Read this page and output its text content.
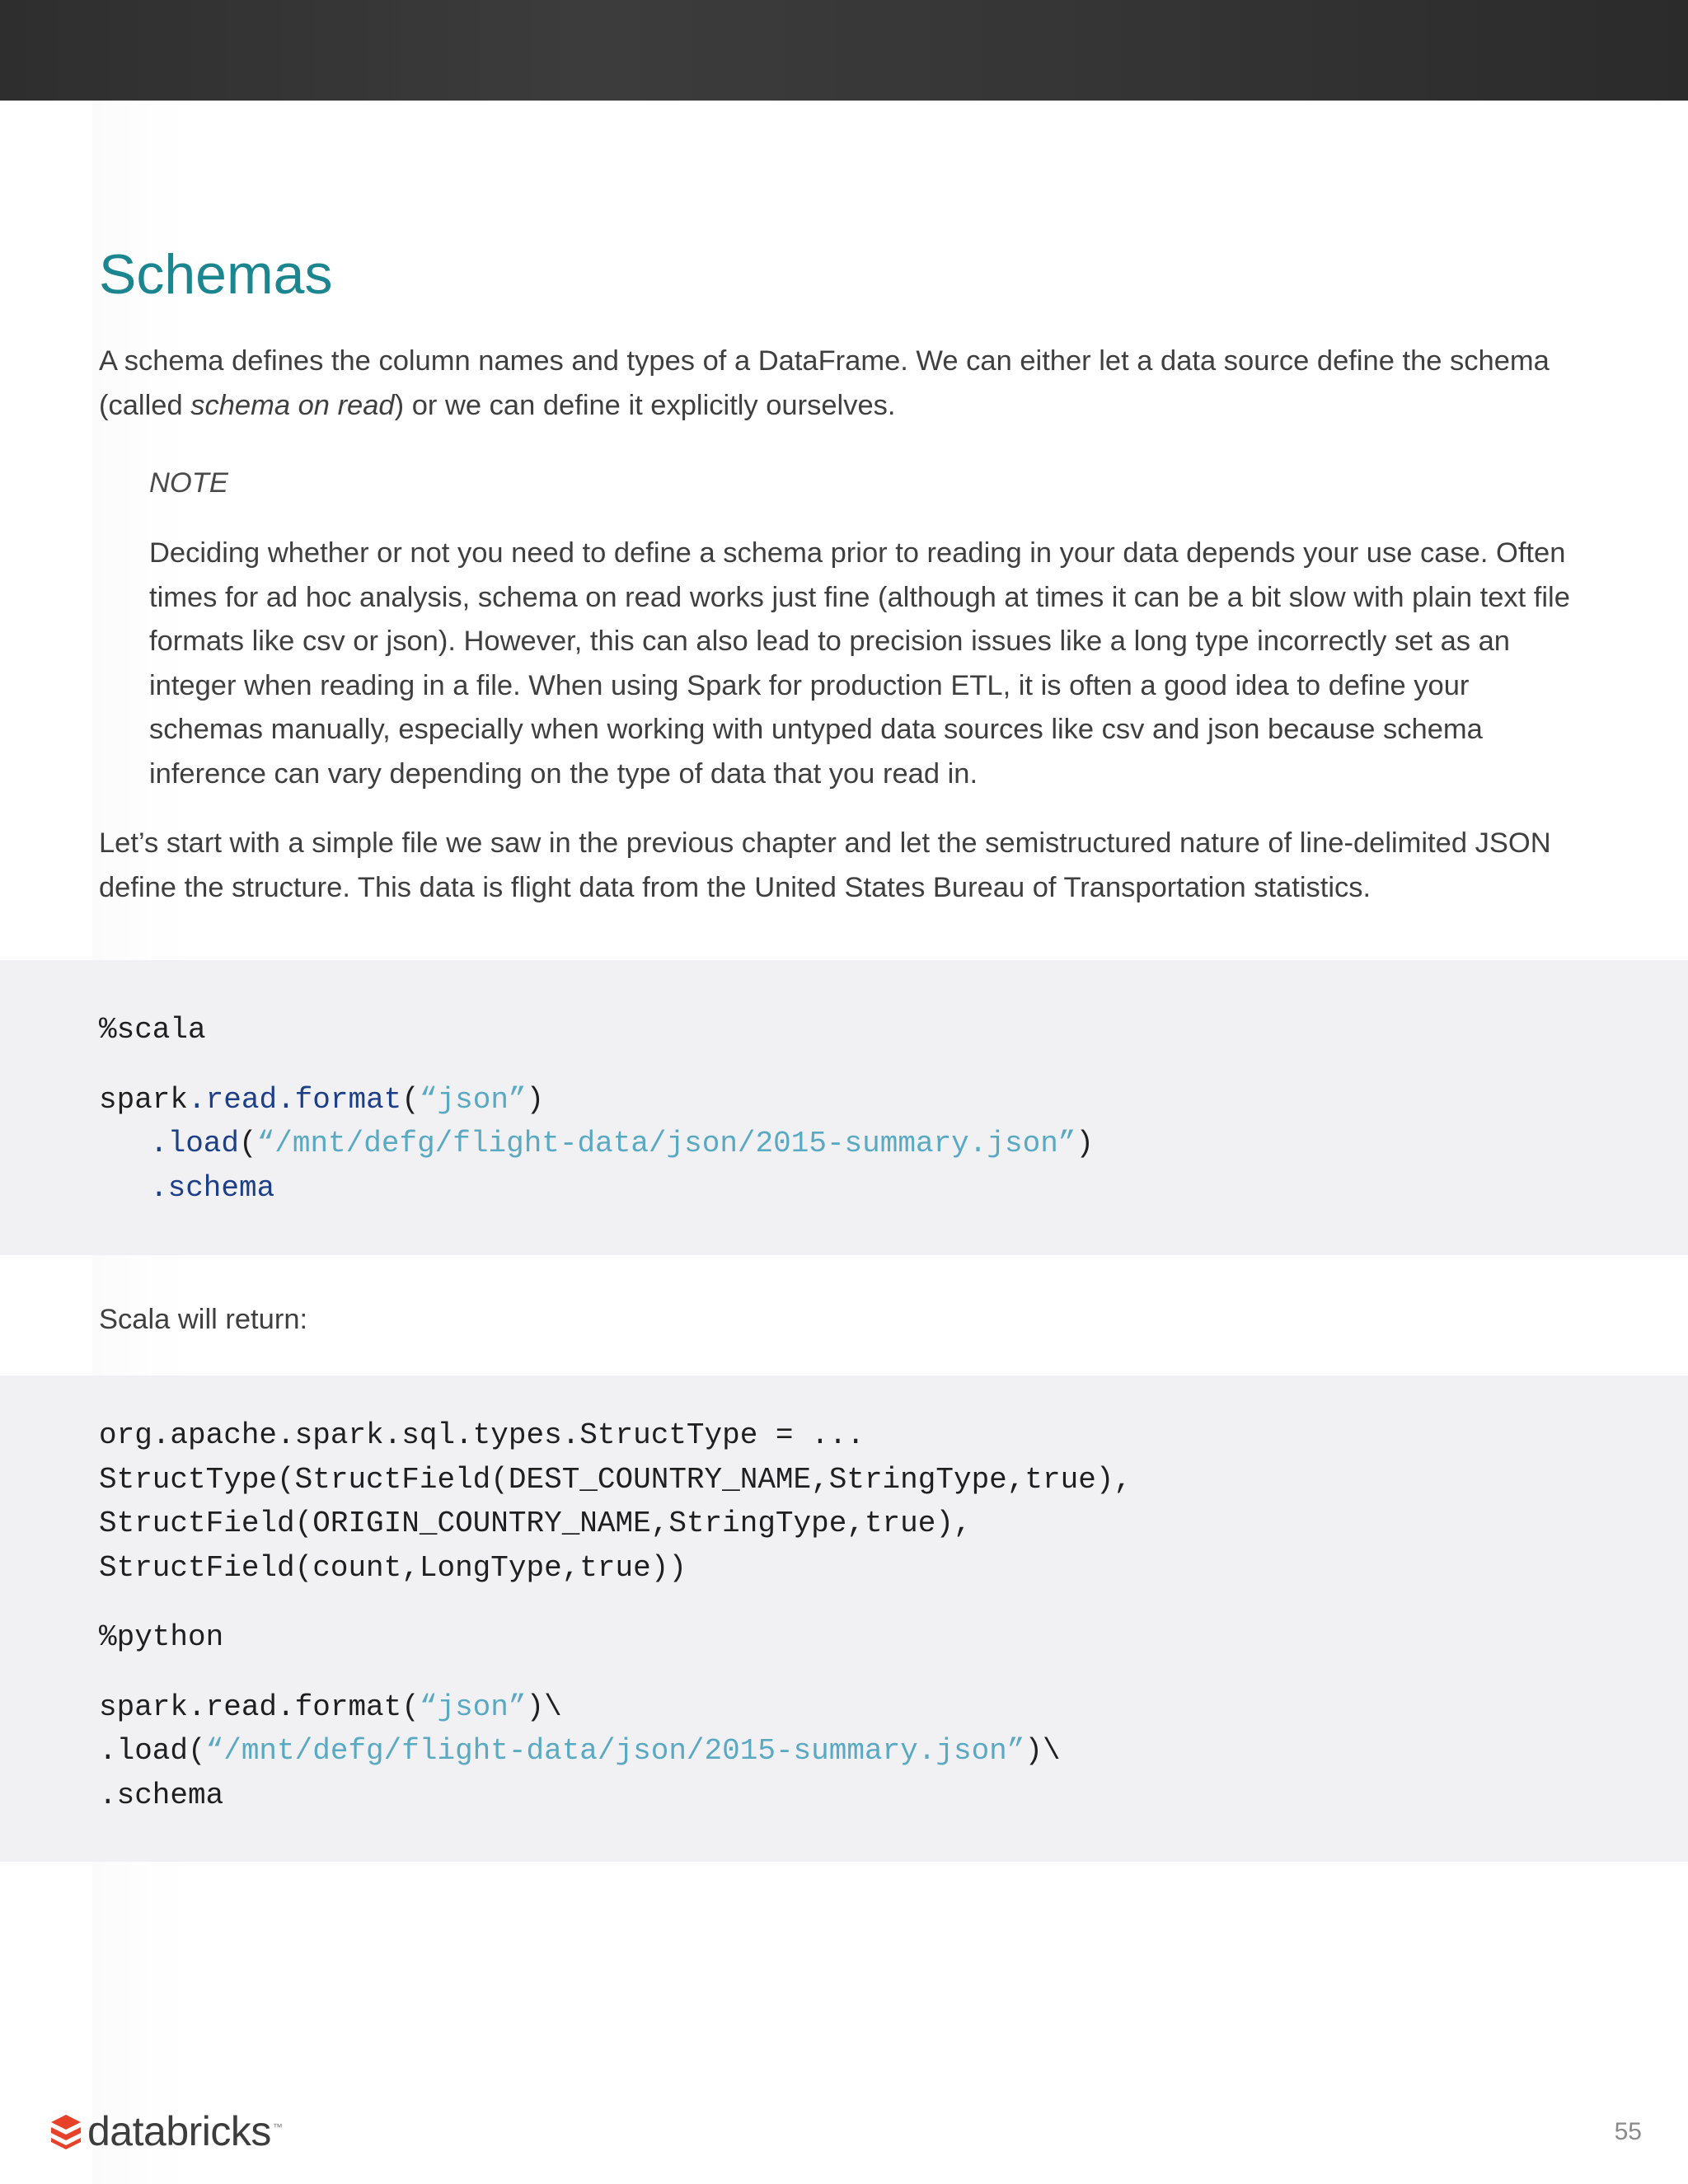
Schemas

A schema defines the column names and types of a DataFrame. We can either let a data source define the schema (called schema on read) or we can define it explicitly ourselves.

NOTE

Deciding whether or not you need to define a schema prior to reading in your data depends your use case. Often times for ad hoc analysis, schema on read works just fine (although at times it can be a bit slow with plain text file formats like csv or json). However, this can also lead to precision issues like a long type incorrectly set as an integer when reading in a file. When using Spark for production ETL, it is often a good idea to define your schemas manually, especially when working with untyped data sources like csv and json because schema inference can vary depending on the type of data that you read in.

Let’s start with a simple file we saw in the previous chapter and let the semistructured nature of line-delimited JSON define the structure. This data is flight data from the United States Bureau of Transportation statistics.

%scala
spark.read.format(“json”)
.load(“/mnt/defg/flight-data/json/2015-summary.json”)
.schema

Scala will return:

org.apache.spark.sql.types.StructType = ...
StructType(StructField(DEST_COUNTRY_NAME,StringType,true),
StructField(ORIGIN_COUNTRY_NAME,StringType,true),
StructField(count,LongType,true))
%python
spark.read.format(“json”)\
.load(“/mnt/defg/flight-data/json/2015-summary.json”)\
.schema
databricks ™	55
